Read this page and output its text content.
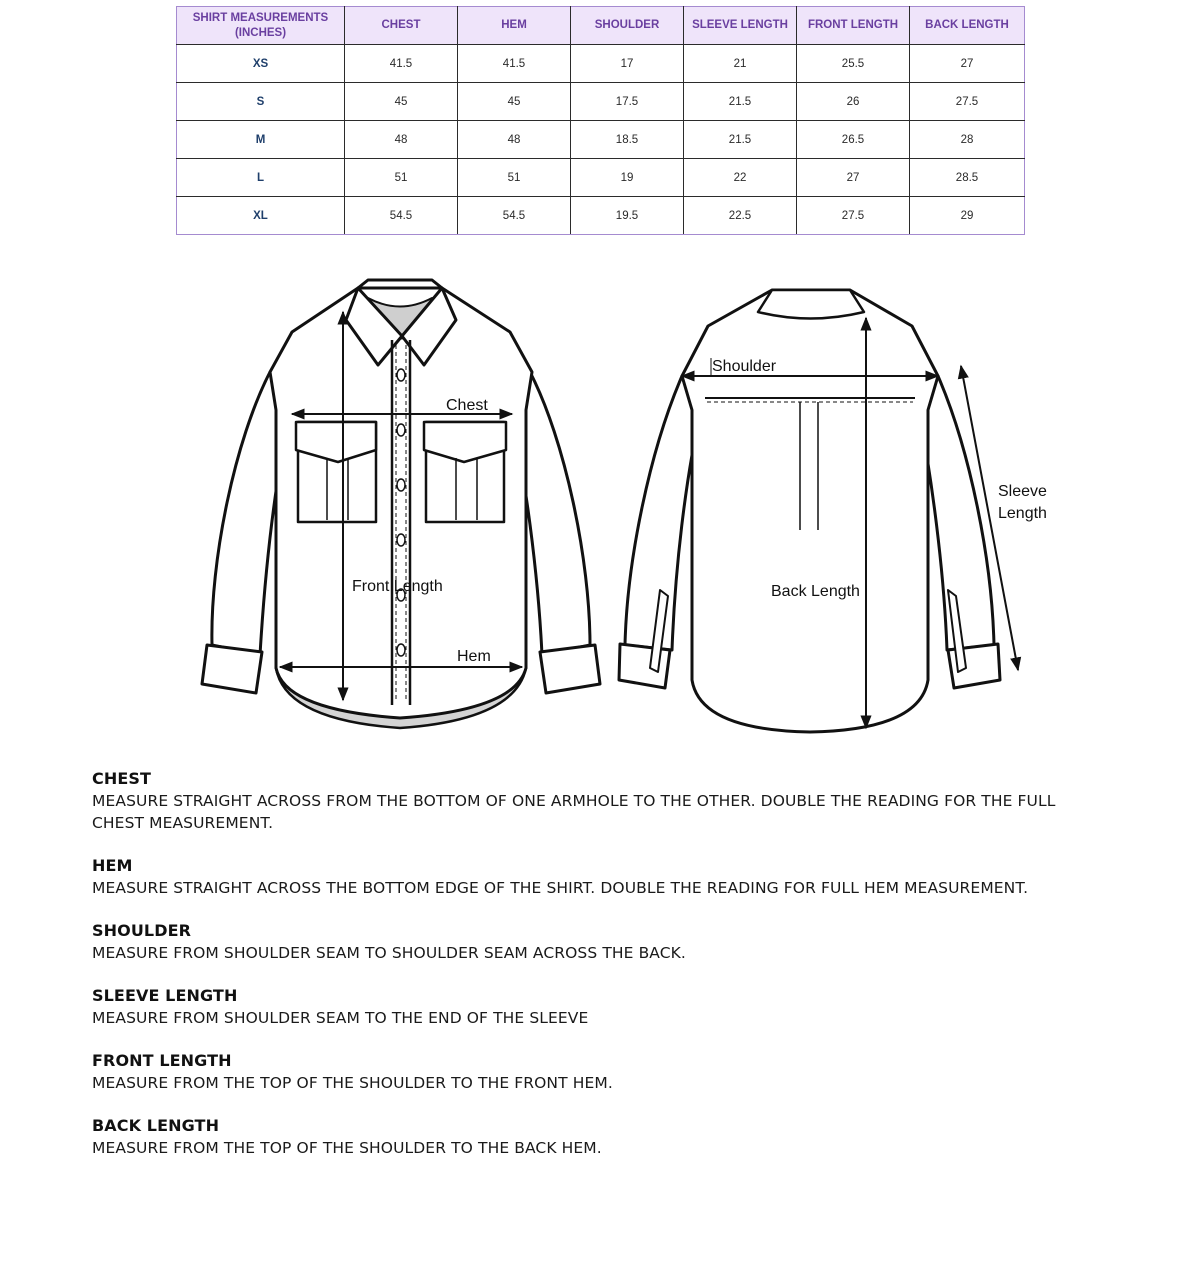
SHIRT MEASUREMENTS (INCHES)	CHEST	HEM	SHOULDER	SLEEVE LENGTH	FRONT LENGTH	BACK LENGTH
XS	41.5	41.5	17	21	25.5	27
S	45	45	17.5	21.5	26	27.5
M	48	48	18.5	21.5	26.5	28
L	51	51	19	22	27	28.5
XL	54.5	54.5	19.5	22.5	27.5	29
Chest
Front Length
Hem
Shoulder
Back Length
Sleeve
Length
CHEST
MEASURE STRAIGHT ACROSS FROM THE BOTTOM OF ONE ARMHOLE TO THE OTHER. DOUBLE THE READING FOR THE FULL CHEST MEASUREMENT.
HEM
MEASURE STRAIGHT ACROSS THE BOTTOM EDGE OF THE SHIRT. DOUBLE THE READING FOR FULL HEM MEASUREMENT.
SHOULDER
MEASURE FROM SHOULDER SEAM TO SHOULDER SEAM ACROSS THE BACK.
SLEEVE LENGTH
MEASURE FROM SHOULDER SEAM TO THE END OF THE SLEEVE
FRONT LENGTH
MEASURE FROM THE TOP OF THE SHOULDER TO THE FRONT HEM.
BACK LENGTH
MEASURE FROM THE TOP OF THE SHOULDER TO THE BACK HEM.
